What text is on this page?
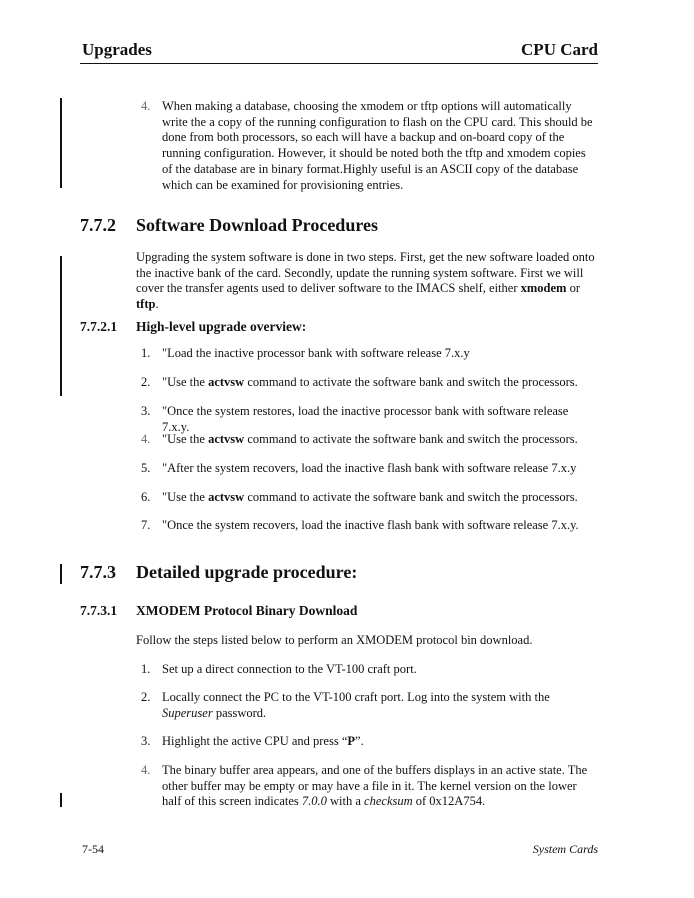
Upgrades	CPU Card
4. When making a database, choosing the xmodem or tftp options will automatically write the a copy of the running configuration to flash on the CPU card. This should be done from both processors, so each will have a backup and on-board copy of the running configuration. However, it should be noted both the tftp and xmodem copies of the database are in binary format.Highly useful is an ASCII copy of the database which can be examined for provisioning entries.
7.7.2 Software Download Procedures

Upgrading the system software is done in two steps. First, get the new software loaded onto the inactive bank of the card. Secondly, update the running system software. First we will cover the transfer agents used to deliver software to the IMACS shelf, either xmodem or tftp.

7.7.2.1 High-level upgrade overview:
1. "Load the inactive processor bank with software release 7.x.y
2. "Use the actvsw command to activate the software bank and switch the processors.
3. "Once the system restores, load the inactive processor bank with software release 7.x.y.
4. "Use the actvsw command to activate the software bank and switch the processors.
5. "After the system recovers, load the inactive flash bank with software release 7.x.y
6. "Use the actvsw command to activate the software bank and switch the processors.
7. "Once the system recovers, load the inactive flash bank with software release 7.x.y.
7.7.3 Detailed upgrade procedure:
7.7.3.1 XMODEM Protocol Binary Download

Follow the steps listed below to perform an XMODEM protocol bin download.

1. Set up a direct connection to the VT-100 craft port.
2. Locally connect the PC to the VT-100 craft port. Log into the system with the Superuser password.
3. Highlight the active CPU and press “P”.
4. The binary buffer area appears, and one of the buffers displays in an active state. The other buffer may be empty or may have a file in it. The kernel version on the lower half of this screen indicates 7.0.0 with a checksum of 0x12A754.
7-54	System Cards
